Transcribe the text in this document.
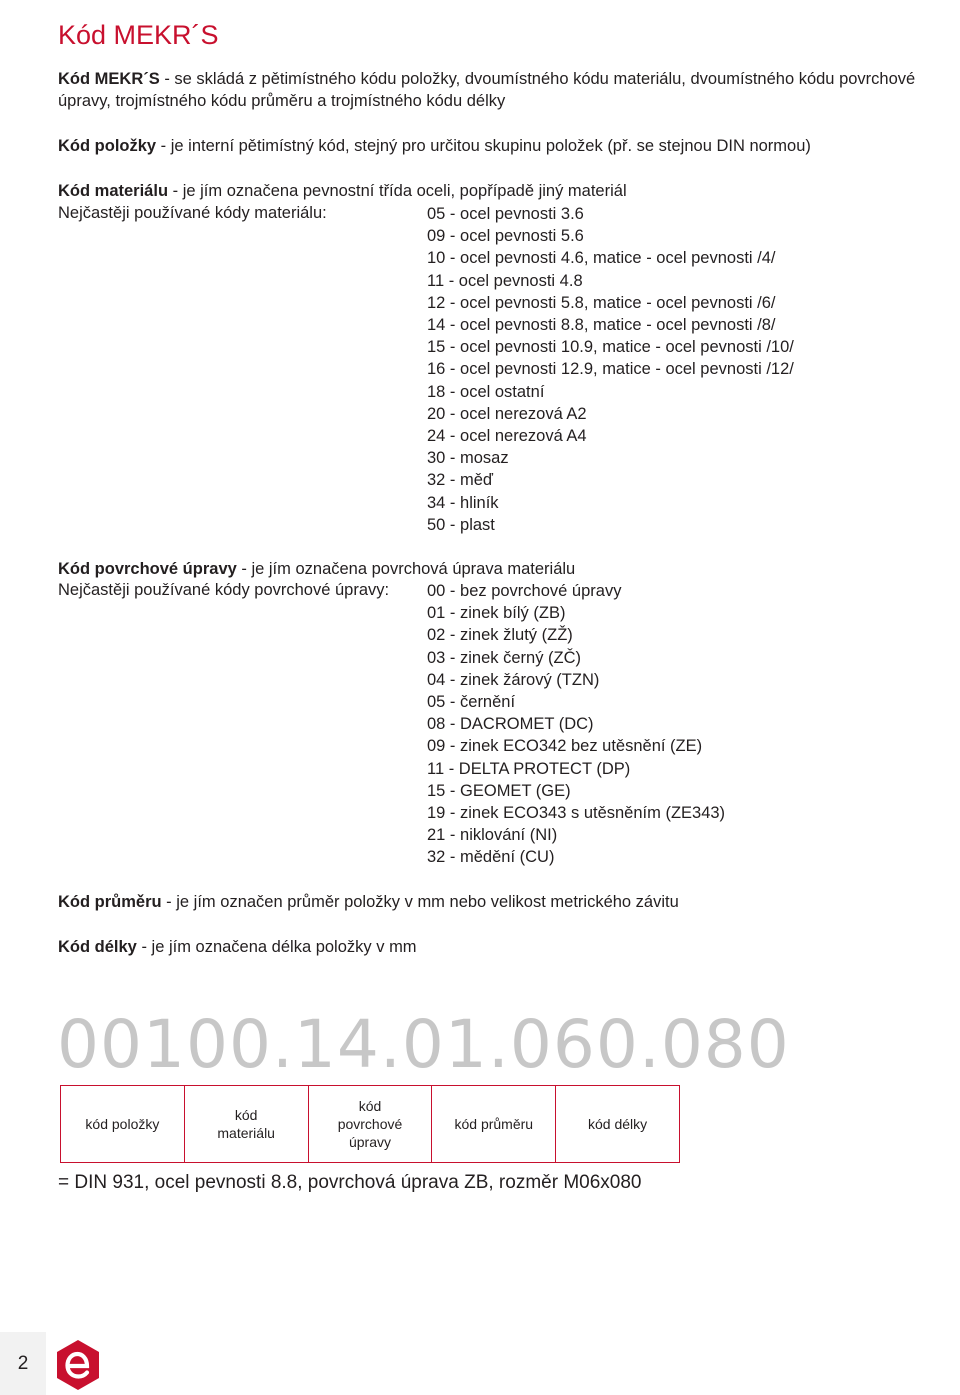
Kód MEKR´S

Kód MEKR´S - se skládá z pětimístného kódu položky, dvoumístného kódu materiálu, dvoumístného kódu povrchové
úpravy, trojmístného kódu průměru a trojmístného kódu délky

Kód položky - je interní pětimístný kód, stejný pro určitou skupinu položek (př. se stejnou DIN normou)

Kód materiálu - je jím označena pevnostní třída oceli, popřípadě jiný materiál

Nejčastěji používané kódy materiálu:	05 - ocel pevnosti 3.6
09 - ocel pevnosti 5.6
10 - ocel pevnosti 4.6, matice - ocel pevnosti /4/
11 - ocel pevnosti 4.8
12 - ocel pevnosti 5.8, matice - ocel pevnosti /6/
14 - ocel pevnosti 8.8, matice - ocel pevnosti /8/
15 - ocel pevnosti 10.9, matice - ocel pevnosti /10/
16 - ocel pevnosti 12.9, matice - ocel pevnosti /12/
18 - ocel ostatní
20 - ocel nerezová A2
24 - ocel nerezová A4
30 - mosaz
32 - měď
34 - hliník
50 - plast

Kód povrchové úpravy - je jím označena povrchová úprava materiálu

Nejčastěji používané kódy povrchové úpravy: 00 - bez povrchové úpravy
01 - zinek bílý (ZB)
02 - zinek žlutý (ZŽ)
03 - zinek černý (ZČ)
04 - zinek žárový (TZN)
05 - černění
08 - DACROMET (DC)
09 - zinek ECO342 bez utěsnění (ZE)
11 - DELTA PROTECT (DP)
15 - GEOMET (GE)
19 - zinek ECO343 s utěsněním (ZE343)
21 - niklování (NI)
32 - mědění (CU)

Kód průměru - je jím označen průměr položky v mm nebo velikost metrického závitu

Kód délky - je jím označena délka položky v mm

00100.14.01.060.080
kód položky
kód
materiálu
kód
povrchové
úpravy
kód průměru	kód délky
= DIN 931, ocel pevnosti 8.8, povrchová úprava ZB, rozměr M06x080
2
